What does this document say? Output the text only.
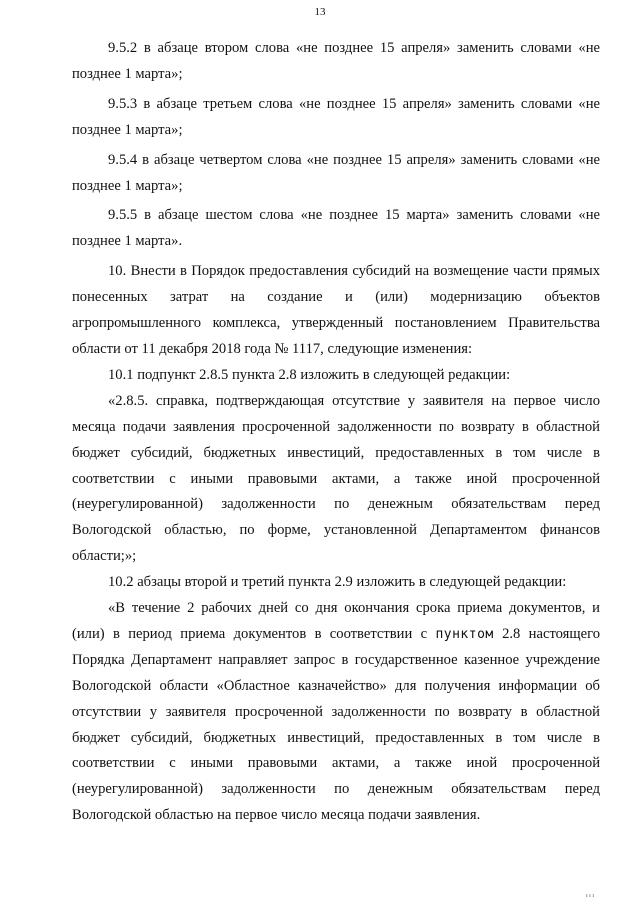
13

9.5.2 в абзаце втором слова «не позднее 15 апреля» заменить словами «не позднее 1 марта»;

9.5.3 в абзаце третьем слова «не позднее 15 апреля» заменить словами «не позднее 1 марта»;

9.5.4 в абзаце четвертом слова «не позднее 15 апреля» заменить словами «не позднее 1 марта»;

9.5.5 в абзаце шестом слова «не позднее 15 марта» заменить словами «не позднее 1 марта».

10. Внести в Порядок предоставления субсидий на возмещение части прямых понесенных затрат на создание и (или) модернизацию объектов агропромышленного комплекса, утвержденный постановлением Правительства области от 11 декабря 2018 года № 1117, следующие изменения:

10.1 подпункт 2.8.5 пункта 2.8 изложить в следующей редакции:

«2.8.5. справка, подтверждающая отсутствие у заявителя на первое число месяца подачи заявления просроченной задолженности по возврату в областной бюджет субсидий, бюджетных инвестиций, предоставленных в том числе в соответствии с иными правовыми актами, а также иной просроченной (неурегулированной) задолженности по денежным обязательствам перед Вологодской областью, по форме, установленной Департаментом финансов области;»;

10.2 абзацы второй и третий пункта 2.9 изложить в следующей редакции:

«В течение 2 рабочих дней со дня окончания срока приема документов, и (или) в период приема документов в соответствии с пунктом 2.8 настоящего Порядка Департамент направляет запрос в государственное казенное учреждение Вологодской области «Областное казначейство» для получения информации об отсутствии у заявителя просроченной задолженности по возврату в областной бюджет субсидий, бюджетных инвестиций, предоставленных в том числе в соответствии с иными правовыми актами, а также иной просроченной (неурегулированной) задолженности по денежным обязательствам перед Вологодской областью на первое число месяца подачи заявления.

ı ı ı
